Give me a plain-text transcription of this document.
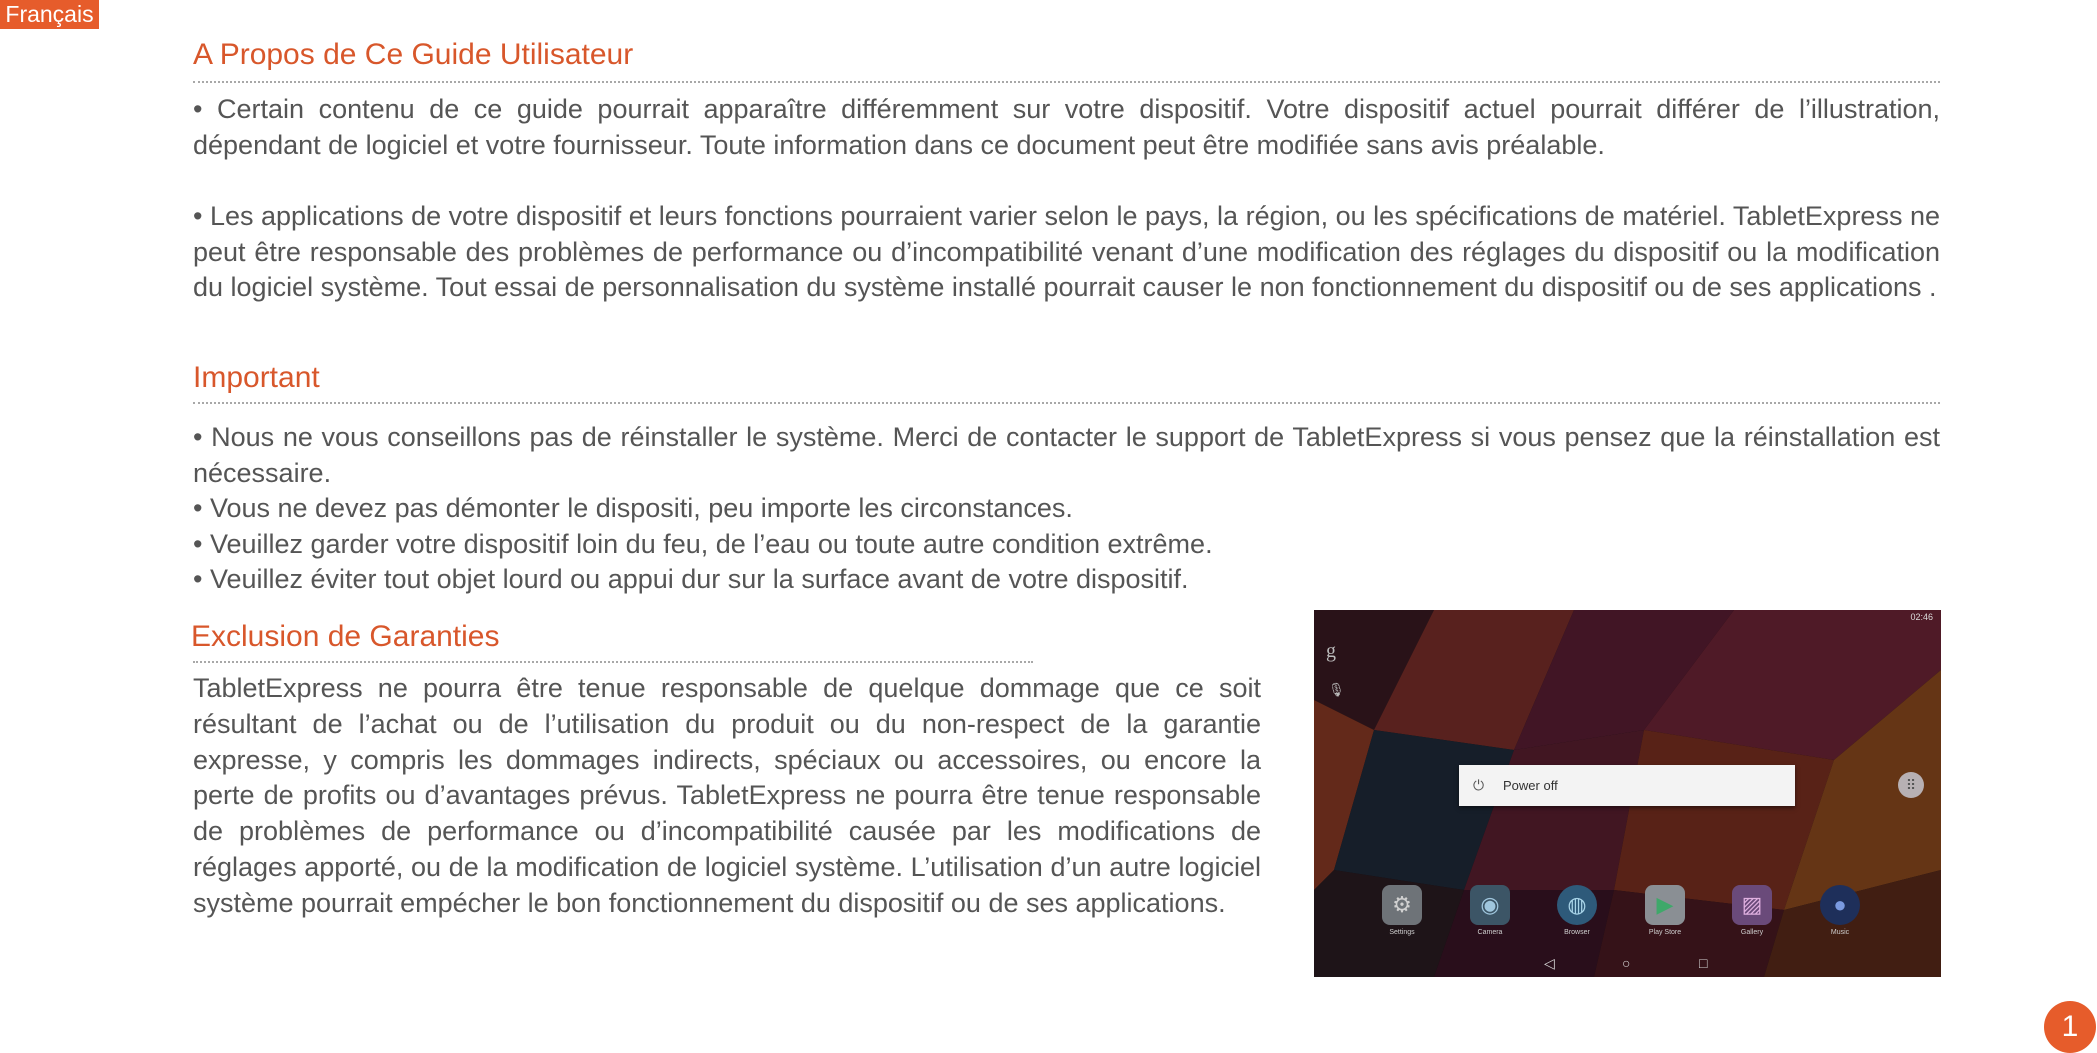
Français
A Propos de Ce Guide Utilisateur

• Certain contenu de ce guide pourrait apparaître différemment sur votre dispositif. Votre dispositif actuel pourrait différer de l’illustration, dépendant de logiciel et votre fournisseur. Toute information dans ce document peut être modifiée sans avis préalable.

• Les applications de votre dispositif et leurs fonctions pourraient varier selon le pays, la région, ou les spécifications de matériel. TabletExpress ne peut être responsable des problèmes de performance ou d’incompatibilité venant d’une modification des réglages du dispositif ou la modification du logiciel système. Tout essai de personnalisation du système installé pourrait causer le non fonctionnement du dispositif ou de ses applications .

Important
• Nous ne vous conseillons pas de réinstaller le système. Merci de contacter le support de TabletExpress si vous pensez que la réinstallation est nécessaire.
• Vous ne devez pas démonter le dispositi, peu importe les circonstances.
• Veuillez garder votre dispositif loin du feu, de l’eau ou toute autre condition extrême.
• Veuillez éviter tout objet lourd ou appui dur sur la surface avant de votre dispositif.
Exclusion de Garanties

TabletExpress ne pourra être tenue responsable de quelque dommage que ce soit résultant de l’achat ou de l’utilisation du produit ou du non-respect de la garantie expresse, y compris les dommages indirects, spéciaux ou accessoires, ou encore la perte de profits ou d’avantages prévus. TabletExpress ne pourra être tenue responsable de problèmes de performance ou d’incompatibilité causée par les modifications de réglages apporté, ou de la modification de logiciel système. L’utilisation d’un autre logiciel système pourrait empécher le bon fonctionnement du dispositif ou de ses applications.

02:46
g
🎙
⏻	Power off	⠿
⚙
Settings
◉
Camera
◍
Browser
▶
Play Store
▨
Gallery
●
Music
◁	○	□
1
